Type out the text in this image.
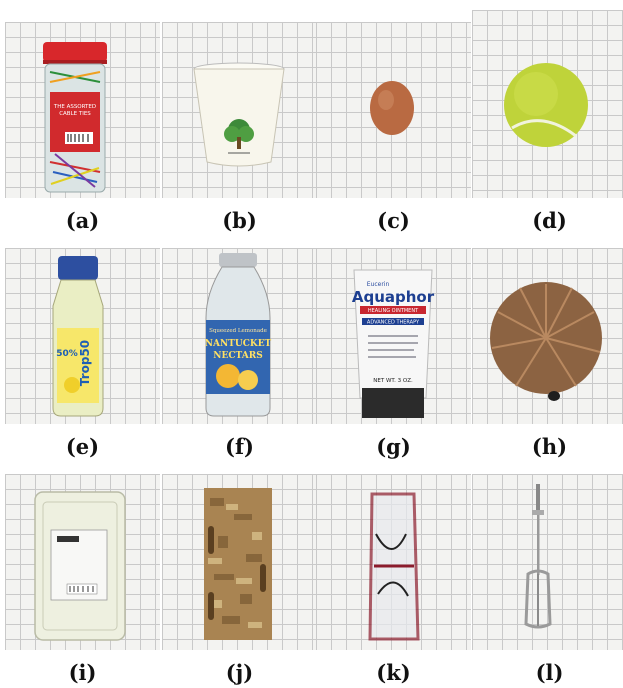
THE ASSORTED
CABLE TIES
(a)	(b)	(c)	(d)
Trop50
50%
(e)
Squeezed Lemonade
NANTUCKET
NECTARS
(f)
Eucerin
Aquaphor
HEALING OINTMENT
ADVANCED THERAPY
NET WT. 3 OZ.
(g)	(h)
(i)	(j)	(k)	(l)
